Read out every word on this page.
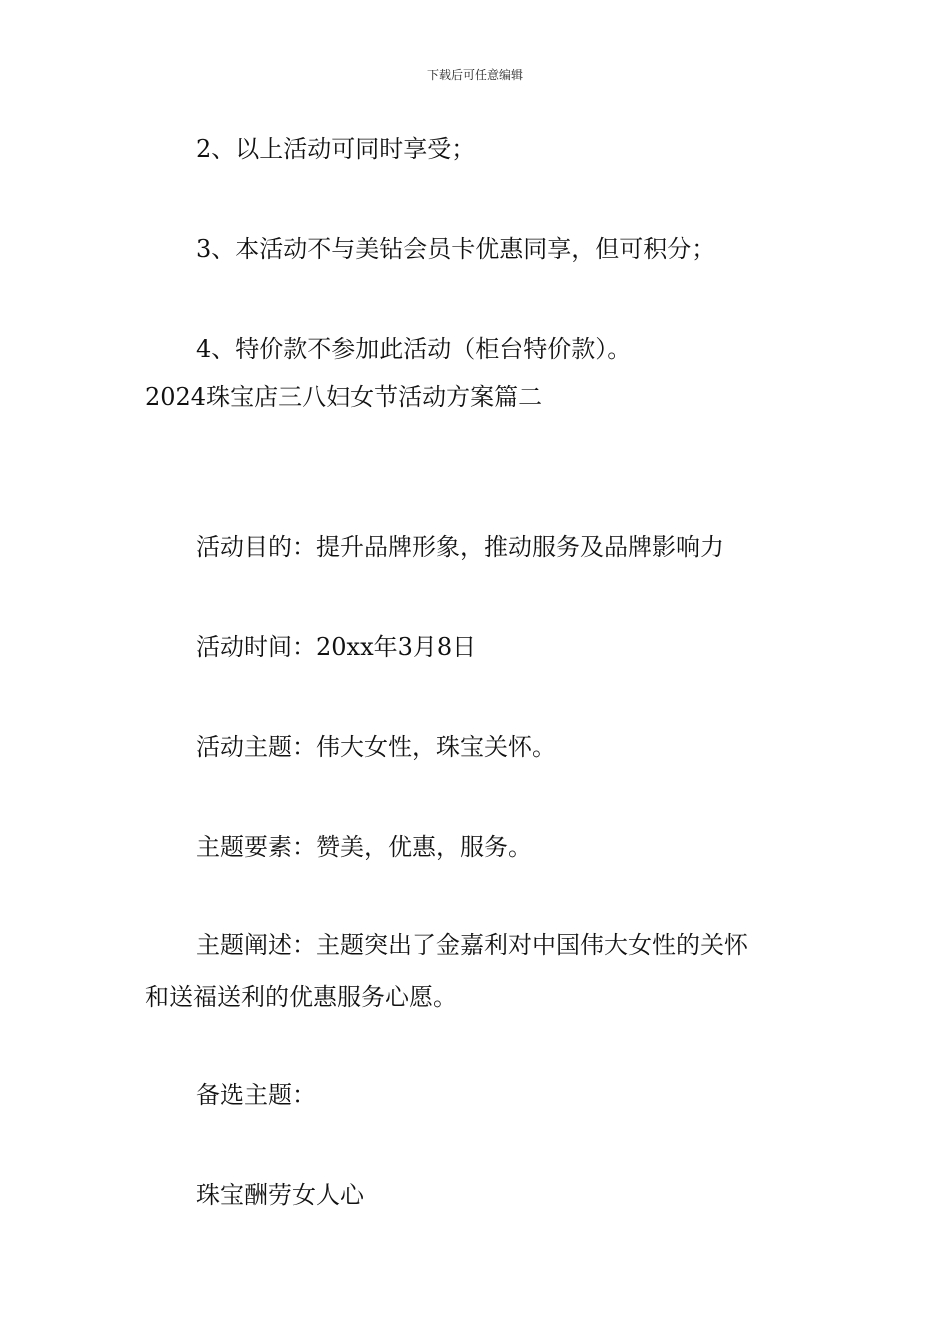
下载后可任意编辑
2、以上活动可同时享受；
3、本活动不与美钻会员卡优惠同享，但可积分；
4、特价款不参加此活动（柜台特价款）。
2024珠宝店三八妇女节活动方案篇二
活动目的：提升品牌形象，推动服务及品牌影响力
活动时间：20xx年3月8日
活动主题：伟大女性，珠宝关怀。
主题要素：赞美，优惠，服务。
主题阐述：主题突出了金嘉利对中国伟大女性的关怀
和送福送利的优惠服务心愿。
备选主题：
珠宝酬劳女人心
